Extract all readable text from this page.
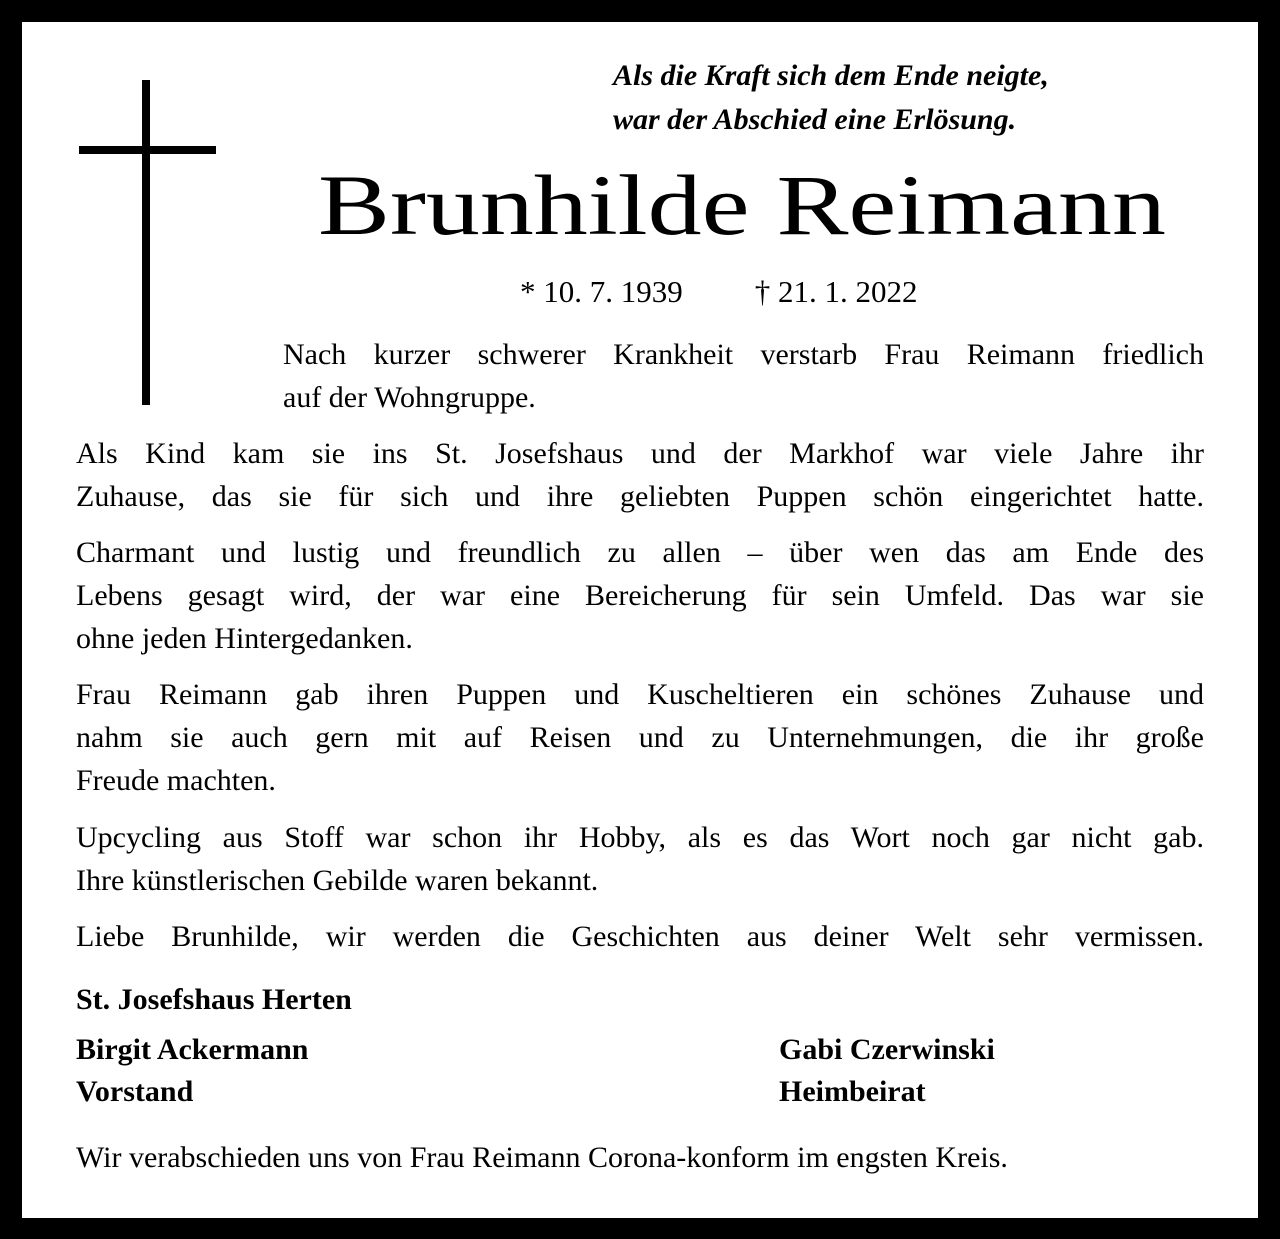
Als die Kraft sich dem Ende neigte,
war der Abschied eine Erlösung.
Brunhilde Reimann
* 10. 7. 1939 † 21. 1. 2022
Nach kurzer schwerer Krankheit verstarb Frau Reimann friedlich
auf der Wohngruppe.
Als Kind kam sie ins St. Josefshaus und der Markhof war viele Jahre ihr
Zuhause, das sie für sich und ihre geliebten Puppen schön eingerichtet hatte.
Charmant und lustig und freundlich zu allen – über wen das am Ende des
Lebens gesagt wird, der war eine Bereicherung für sein Umfeld. Das war sie
ohne jeden Hintergedanken.
Frau Reimann gab ihren Puppen und Kuscheltieren ein schönes Zuhause und
nahm sie auch gern mit auf Reisen und zu Unternehmungen, die ihr große
Freude machten.
Upcycling aus Stoff war schon ihr Hobby, als es das Wort noch gar nicht gab.
Ihre künstlerischen Gebilde waren bekannt.
Liebe Brunhilde, wir werden die Geschichten aus deiner Welt sehr vermissen.
St. Josefshaus Herten
Birgit Ackermann
Vorstand
Gabi Czerwinski
Heimbeirat
Wir verabschieden uns von Frau Reimann Corona-konform im engsten Kreis.
